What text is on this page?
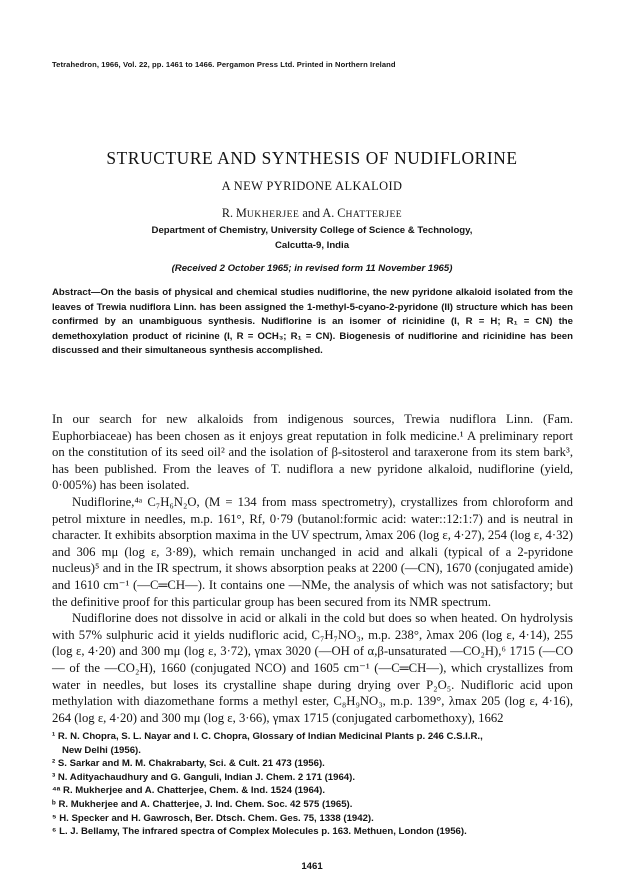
Tetrahedron, 1966, Vol. 22, pp. 1461 to 1466. Pergamon Press Ltd. Printed in Northern Ireland
STRUCTURE AND SYNTHESIS OF NUDIFLORINE
A NEW PYRIDONE ALKALOID
R. MUKHERJEE and A. CHATTERJEE
Department of Chemistry, University College of Science & Technology,
Calcutta-9, India
(Received 2 October 1965; in revised form 11 November 1965)
Abstract—On the basis of physical and chemical studies nudiflorine, the new pyridone alkaloid isolated from the leaves of Trewia nudiflora Linn. has been assigned the 1-methyl-5-cyano-2-pyridone (II) structure which has been confirmed by an unambiguous synthesis. Nudiflorine is an isomer of ricinidine (I, R = H; R₁ = CN) the demethoxylation product of ricinine (I, R = OCH₃; R₁ = CN). Biogenesis of nudiflorine and ricinidine has been discussed and their simultaneous synthesis accomplished.

In our search for new alkaloids from indigenous sources, Trewia nudiflora Linn. (Fam. Euphorbiaceae) has been chosen as it enjoys great reputation in folk medicine.¹ A preliminary report on the constitution of its seed oil² and the isolation of β-sitosterol and taraxerone from its stem bark³, has been published. From the leaves of T. nudiflora a new pyridone alkaloid, nudiflorine (yield, 0·005%) has been isolated.

Nudiflorine,⁴ᵃ C₇H₆N₂O, (M = 134 from mass spectrometry), crystallizes from chloroform and petrol mixture in needles, m.p. 161°, Rf, 0·79 (butanol:formic acid: water::12:1:7) and is neutral in character. It exhibits absorption maxima in the UV spectrum, λmax 206 (log ε, 4·27), 254 (log ε, 4·32) and 306 mμ (log ε, 3·89), which remain unchanged in acid and alkali (typical of a 2-pyridone nucleus)⁵ and in the IR spectrum, it shows absorption peaks at 2200 (—CN), 1670 (conjugated amide) and 1610 cm⁻¹ (—C═CH—). It contains one —NMe, the analysis of which was not satisfactory; but the definitive proof for this particular group has been secured from its NMR spectrum.

Nudiflorine does not dissolve in acid or alkali in the cold but does so when heated. On hydrolysis with 57% sulphuric acid it yields nudifloric acid, C₇H₇NO₃, m.p. 238°, λmax 206 (log ε, 4·14), 255 (log ε, 4·20) and 300 mμ (log ε, 3·72), γmax 3020 (—OH of α,β-unsaturated —CO₂H),⁶ 1715 (—CO— of the —CO₂H), 1660 (conjugated NCO) and 1605 cm⁻¹ (—C═CH—), which crystallizes from water in needles, but loses its crystalline shape during drying over P₂O₅. Nudifloric acid upon methylation with diazomethane forms a methyl ester, C₈H₉NO₃, m.p. 139°, λmax 205 (log ε, 4·16), 264 (log ε, 4·20) and 300 mμ (log ε, 3·66), γmax 1715 (conjugated carbomethoxy), 1662

¹ R. N. Chopra, S. L. Nayar and I. C. Chopra, Glossary of Indian Medicinal Plants p. 246 C.S.I.R.,
New Delhi (1956).
² S. Sarkar and M. M. Chakrabarty, Sci. & Cult. 21 473 (1956).
³ N. Adityachaudhury and G. Ganguli, Indian J. Chem. 2 171 (1964).
⁴ᵃ R. Mukherjee and A. Chatterjee, Chem. & Ind. 1524 (1964).
ᵇ R. Mukherjee and A. Chatterjee, J. Ind. Chem. Soc. 42 575 (1965).
⁵ H. Specker and H. Gawrosch, Ber. Dtsch. Chem. Ges. 75, 1338 (1942).
⁶ L. J. Bellamy, The infrared spectra of Complex Molecules p. 163. Methuen, London (1956).
1461
